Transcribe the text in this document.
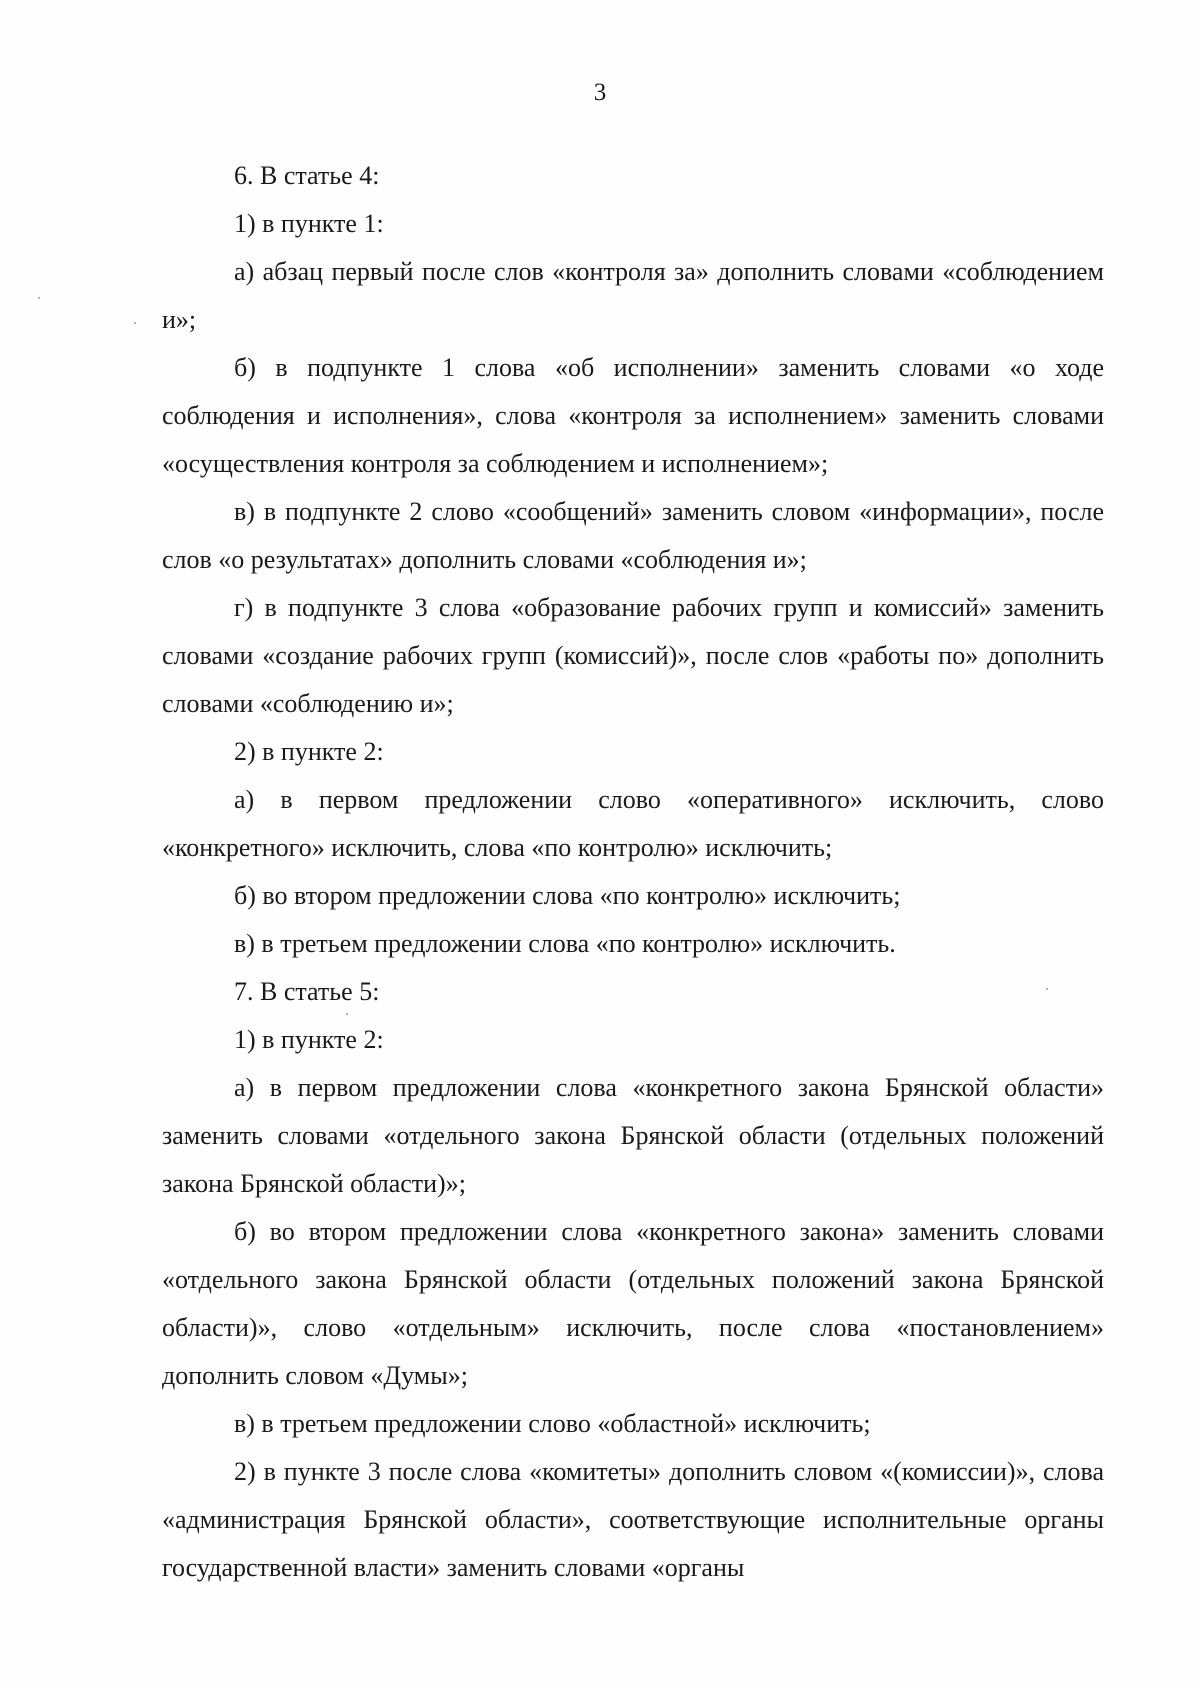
3

6. В статье 4:

1) в пункте 1:

а) абзац первый после слов «контроля за» дополнить словами «соблюдением и»;

б) в подпункте 1 слова «об исполнении» заменить словами «о ходе соблюдения и исполнения», слова «контроля за исполнением» заменить словами «осуществления контроля за соблюдением и исполнением»;

в) в подпункте 2 слово «сообщений» заменить словом «информации», после слов «о результатах» дополнить словами «соблюдения и»;

г) в подпункте 3 слова «образование рабочих групп и комиссий» заменить словами «создание рабочих групп (комиссий)», после слов «работы по» дополнить словами «соблюдению и»;

2) в пункте 2:

а) в первом предложении слово «оперативного» исключить, слово «конкретного» исключить, слова «по контролю» исключить;

б) во втором предложении слова «по контролю» исключить;

в) в третьем предложении слова «по контролю» исключить.

7. В статье 5:

1) в пункте 2:

а) в первом предложении слова «конкретного закона Брянской области» заменить словами «отдельного закона Брянской области (отдельных положений закона Брянской области)»;

б) во втором предложении слова «конкретного закона» заменить словами «отдельного закона Брянской области (отдельных положений закона Брянской области)», слово «отдельным» исключить, после слова «постановлением» дополнить словом «Думы»;

в) в третьем предложении слово «областной» исключить;

2) в пункте 3 после слова «комитеты» дополнить словом «(комиссии)», слова «администрация Брянской области», соответствующие исполнительные органы государственной власти» заменить словами «органы
